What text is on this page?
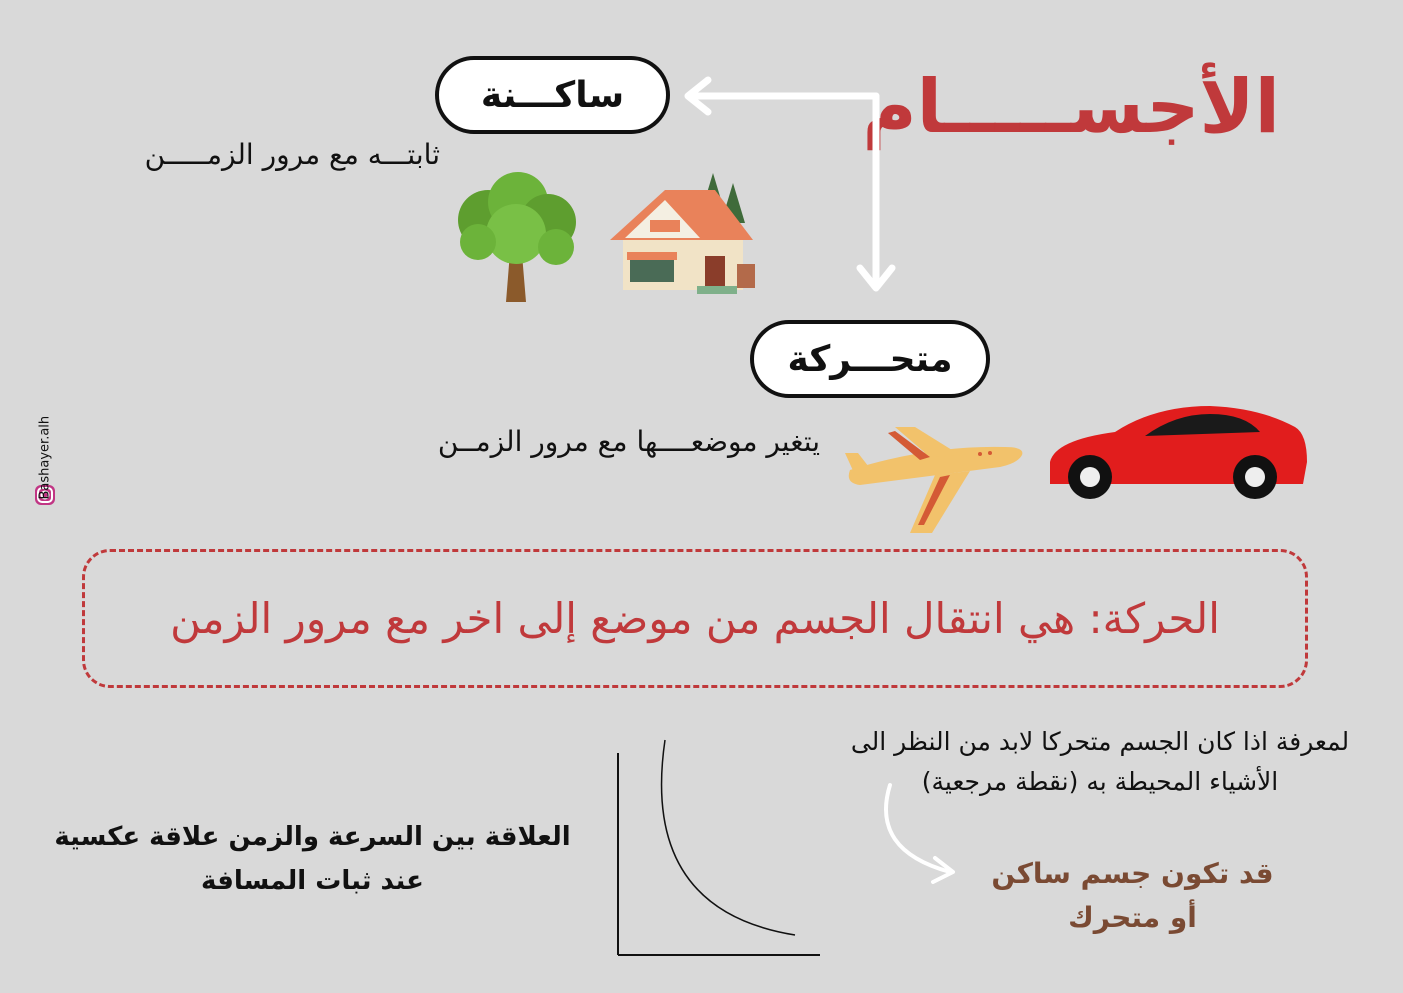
الأجســـــام
ساكـــنة
ثابتـــه مع مرور الزمـــــن
متحـــركة
يتغير موضعــــها مع مرور الزمــن
الحركة: هي انتقال الجسم من موضع إلى اخر مع مرور الزمن
لمعرفة اذا كان الجسم متحركا لابد من النظر الى
الأشياء المحيطة به (نقطة مرجعية)
قد تكون جسم ساكن
أو متحرك
العلاقة بين السرعة والزمن علاقة عكسية
عند ثبات المسافة
Bashayer.alh
